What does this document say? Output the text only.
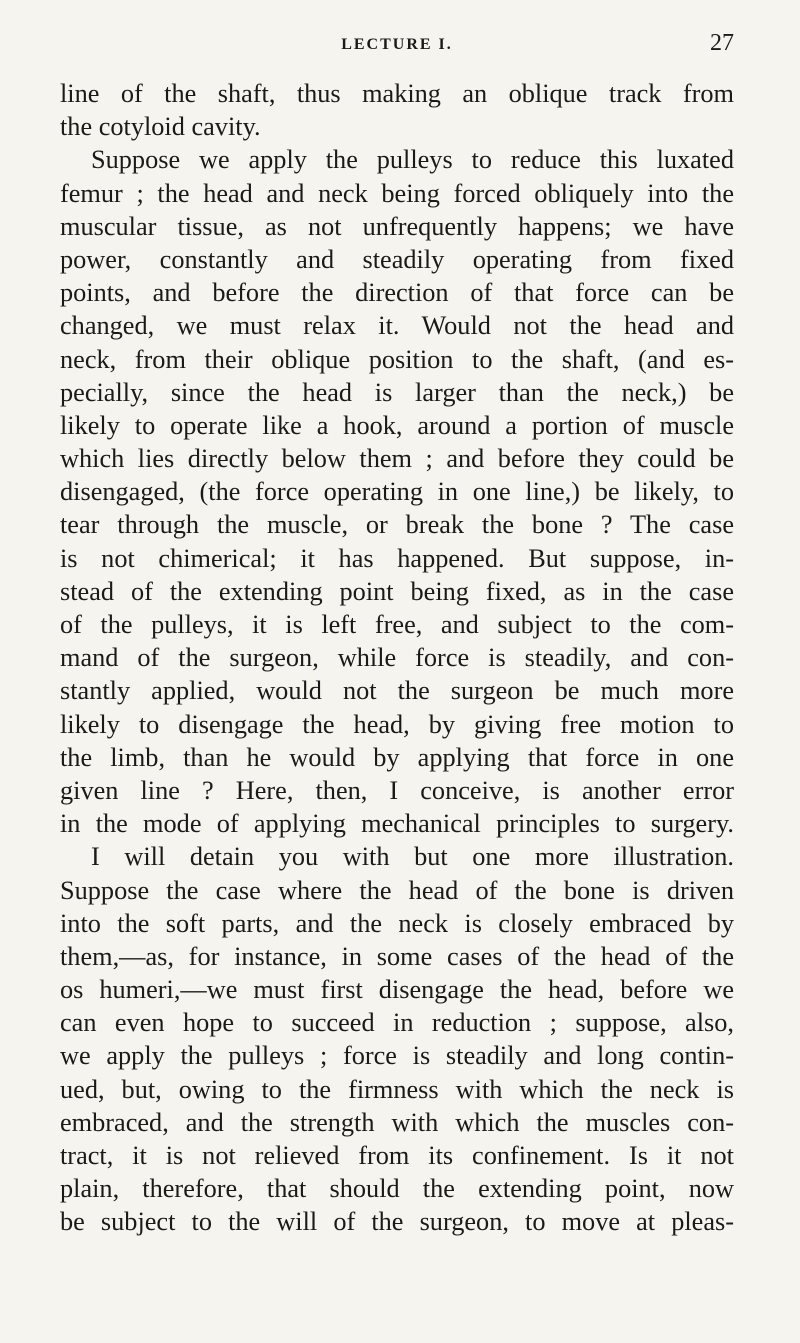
LECTURE I.	27
line of the shaft, thus making an oblique track from
the cotyloid cavity.
Suppose we apply the pulleys to reduce this luxated
femur ; the head and neck being forced obliquely into the
muscular tissue, as not unfrequently happens; we have
power, constantly and steadily operating from fixed
points, and before the direction of that force can be
changed, we must relax it. Would not the head and
neck, from their oblique position to the shaft, (and es-
pecially, since the head is larger than the neck,) be
likely to operate like a hook, around a portion of muscle
which lies directly below them ; and before they could be
disengaged, (the force operating in one line,) be likely, to
tear through the muscle, or break the bone ? The case
is not chimerical; it has happened. But suppose, in-
stead of the extending point being fixed, as in the case
of the pulleys, it is left free, and subject to the com-
mand of the surgeon, while force is steadily, and con-
stantly applied, would not the surgeon be much more
likely to disengage the head, by giving free motion to
the limb, than he would by applying that force in one
given line ? Here, then, I conceive, is another error
in the mode of applying mechanical principles to surgery.
I will detain you with but one more illustration.
Suppose the case where the head of the bone is driven
into the soft parts, and the neck is closely embraced by
them,—as, for instance, in some cases of the head of the
os humeri,—we must first disengage the head, before we
can even hope to succeed in reduction ; suppose, also,
we apply the pulleys ; force is steadily and long contin-
ued, but, owing to the firmness with which the neck is
embraced, and the strength with which the muscles con-
tract, it is not relieved from its confinement. Is it not
plain, therefore, that should the extending point, now
be subject to the will of the surgeon, to move at pleas-
